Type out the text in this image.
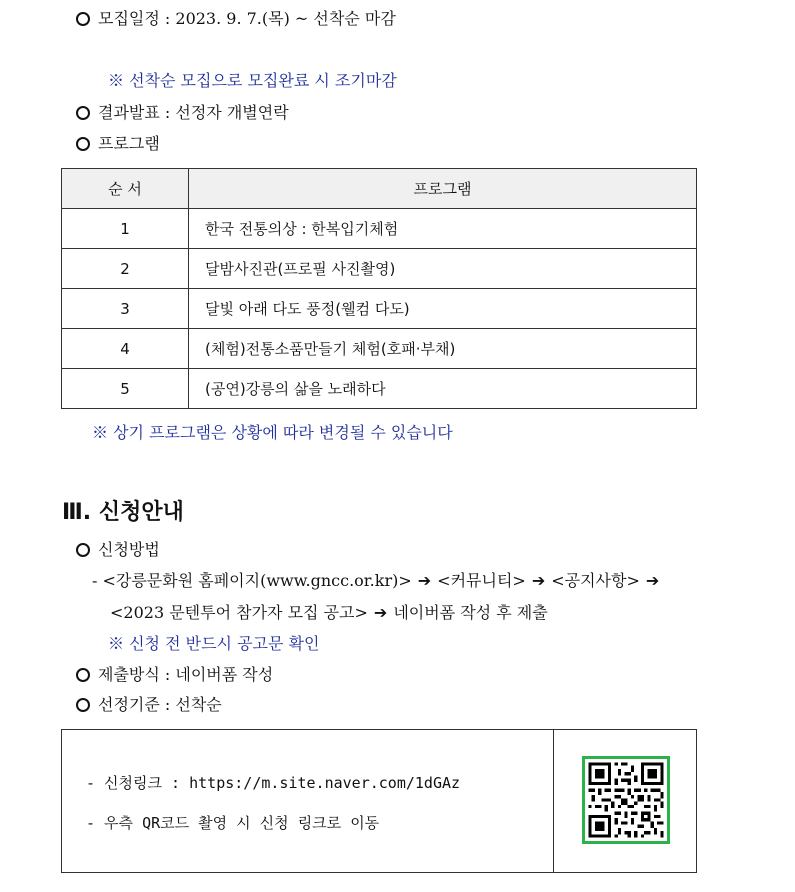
모집일정 : 2023. 9. 7.(목) ~ 선착순 마감
※ 선착순 모집으로 모집완료 시 조기마감
결과발표 : 선정자 개별연락
프로그램
순 서	프로그램
1	한국 전통의상 : 한복입기체험
2	달밤사진관(프로필 사진촬영)
3	달빛 아래 다도 풍정(웰컴 다도)
4	(체험)전통소품만들기 체험(호패·부채)
5	(공연)강릉의 삶을 노래하다
※ 상기 프로그램은 상황에 따라 변경될 수 있습니다
Ⅲ. 신청안내
신청방법
- <강릉문화원 홈페이지(www.gncc.or.kr)> ➔ <커뮤니티> ➔ <공지사항> ➔
<2023 문텐투어 참가자 모집 공고> ➔ 네이버폼 작성 후 제출
※ 신청 전 반드시 공고문 확인
제출방식 : 네이버폼 작성
선정기준 : 선착순
- 신청링크 : https://m.site.naver.com/1dGAz
- 우측 QR코드 촬영 시 신청 링크로 이동
